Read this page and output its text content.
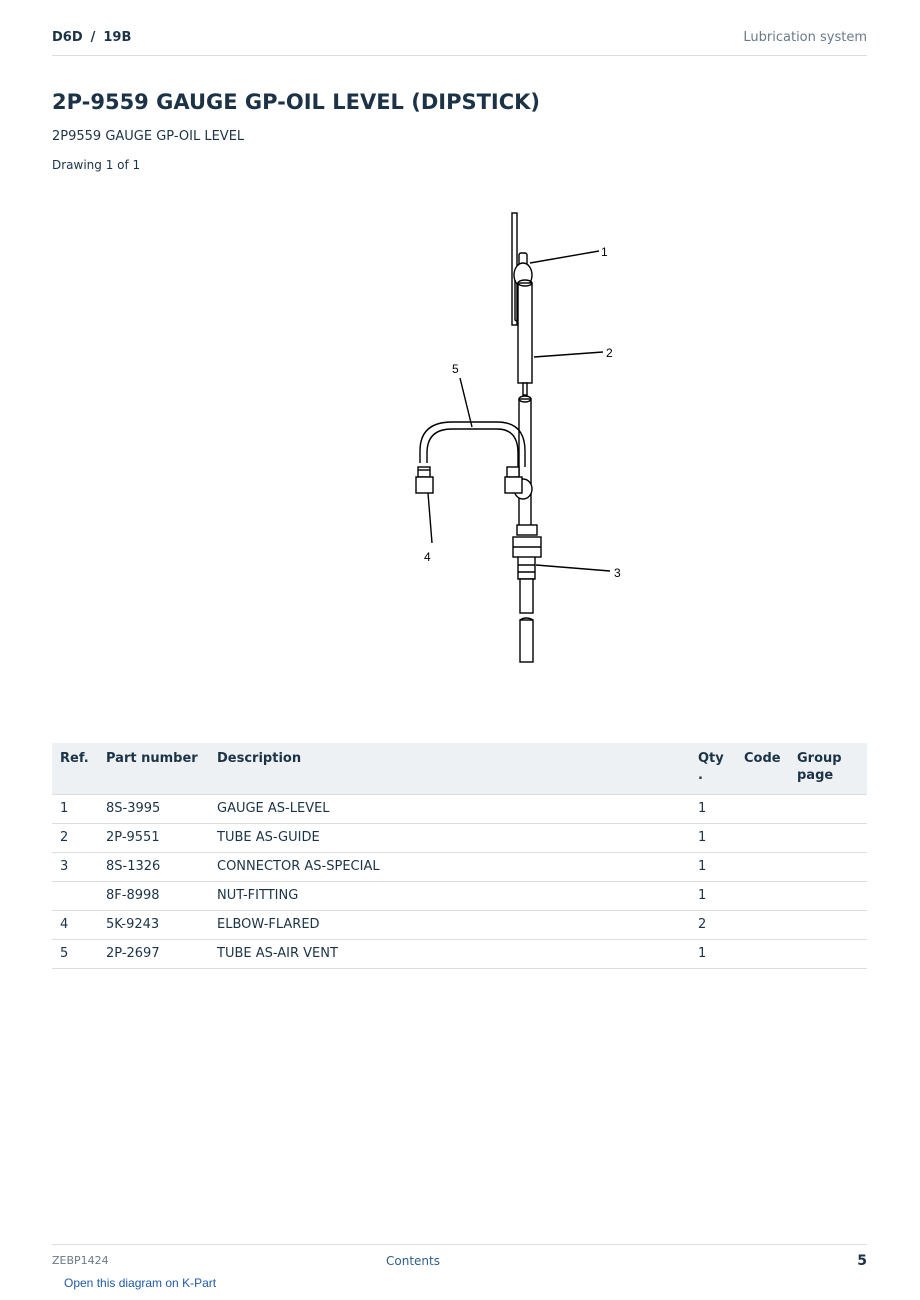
D6D / 19B	Lubrication system
2P-9559 GAUGE GP-OIL LEVEL (DIPSTICK)
2P9559 GAUGE GP-OIL LEVEL
Drawing 1 of 1
1
2
3
4
5
Ref.	Part number	Description	Qty .	Code	Group page
1	8S-3995	GAUGE AS-LEVEL	1		
2	2P-9551	TUBE AS-GUIDE	1		
3	8S-1326	CONNECTOR AS-SPECIAL	1		
	8F-8998	NUT-FITTING	1		
4	5K-9243	ELBOW-FLARED	2		
5	2P-2697	TUBE AS-AIR VENT	1		
ZEBP1424	Contents	5
Open this diagram on K-Part
